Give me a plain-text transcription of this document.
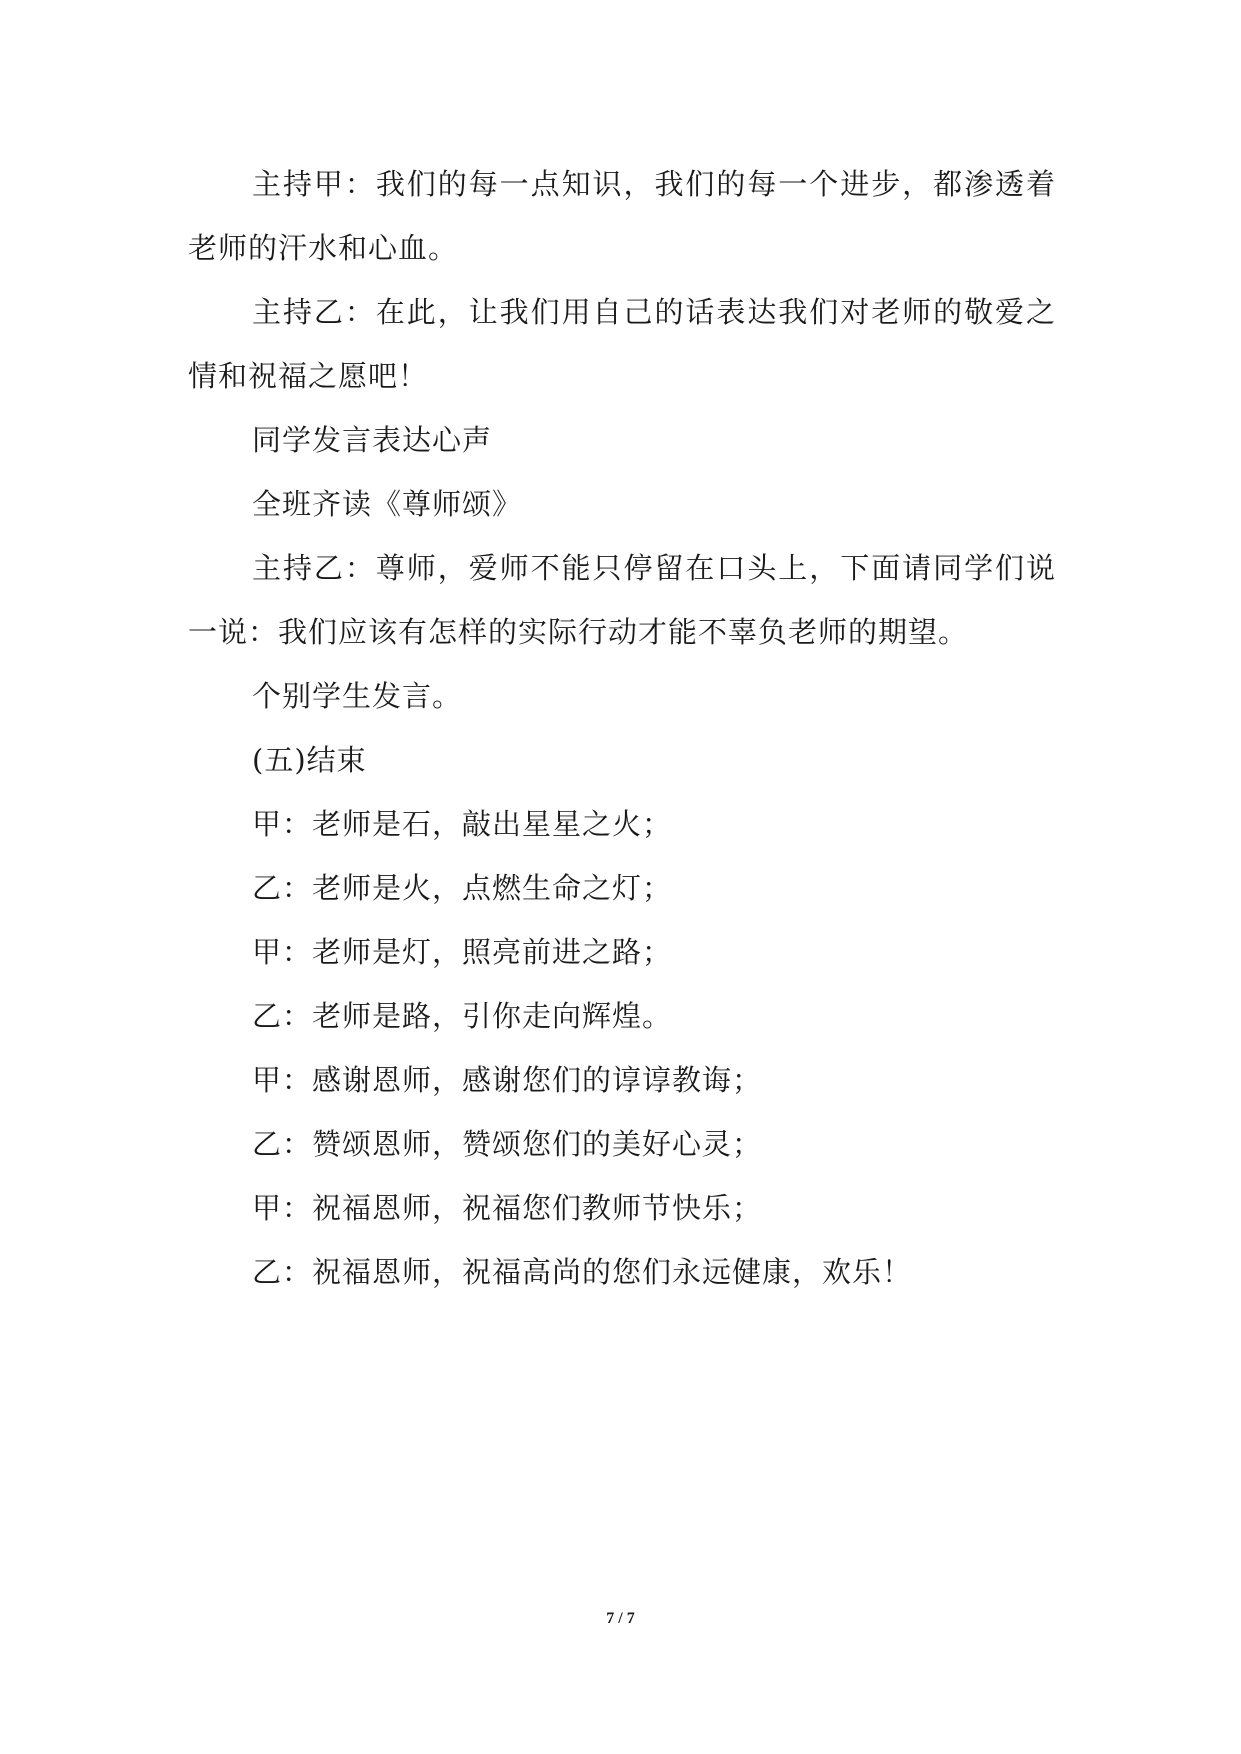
主持甲：我们的每一点知识，我们的每一个进步，都渗透着老师的汗水和心血。

主持乙：在此，让我们用自己的话表达我们对老师的敬爱之情和祝福之愿吧！

同学发言表达心声

全班齐读《尊师颂》

主持乙：尊师，爱师不能只停留在口头上，下面请同学们说一说：我们应该有怎样的实际行动才能不辜负老师的期望。

个别学生发言。

(五)结束

甲：老师是石，敲出星星之火；

乙：老师是火，点燃生命之灯；

甲：老师是灯，照亮前进之路；

乙：老师是路，引你走向辉煌。

甲：感谢恩师，感谢您们的谆谆教诲；

乙：赞颂恩师，赞颂您们的美好心灵；

甲：祝福恩师，祝福您们教师节快乐；

乙：祝福恩师，祝福高尚的您们永远健康，欢乐！

7 / 7
